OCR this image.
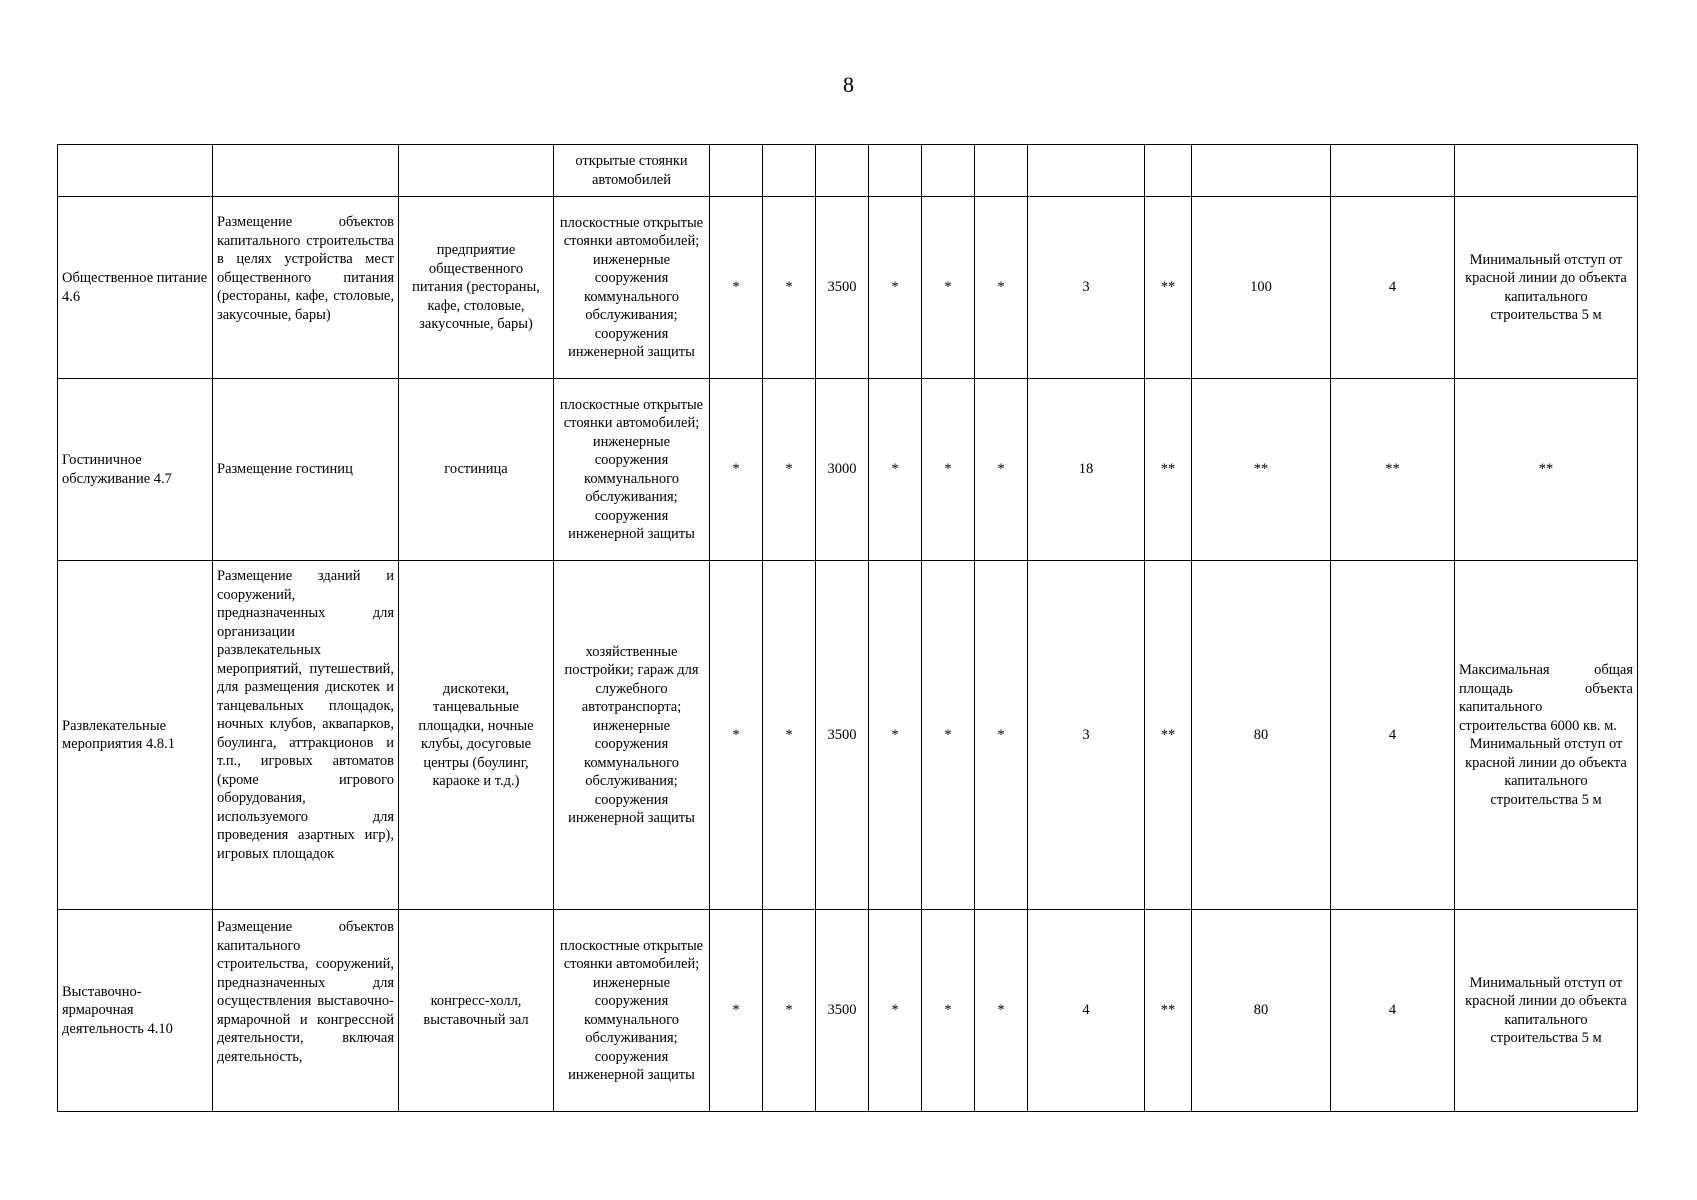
8
			открытые стоянки автомобилей											
Общественное питание 4.6	Размещение объектов капитального строительства в целях устройства мест общественного питания (рестораны, кафе, столовые, закусочные, бары)	предприятие общественного питания (рестораны, кафе, столовые, закусочные, бары)	плоскостные открытые стоянки автомобилей; инженерные сооружения коммунального обслуживания; сооружения инженерной защиты	*	*	3500	*	*	*	3	**	100	4	Минимальный отступ от красной линии до объекта капитального строительства 5 м

Гостиничное обслуживание 4.7	Размещение гостиниц	гостиница	плоскостные открытые стоянки автомобилей; инженерные сооружения коммунального обслуживания; сооружения инженерной защиты	*	*	3000	*	*	*	18	**	**	**	**

Развлекательные мероприятия 4.8.1	Размещение зданий и сооружений, предназначенных для организации развлекательных мероприятий, путешествий, для размещения дискотек и танцевальных площадок, ночных клубов, аквапарков, боулинга, аттракционов и т.п., игровых автоматов (кроме игрового оборудования, используемого для проведения азартных игр), игровых площадок	дискотеки, танцевальные площадки, ночные клубы, досуговые центры (боулинг, караоке и т.д.)	хозяйственные постройки; гараж для служебного автотранспорта; инженерные сооружения коммунального обслуживания; сооружения инженерной защиты	*	*	3500	*	*	*	3	**	80	4	Максимальная общая площадь объекта капитального строительства 6000 кв. м.
Минимальный отступ от красной линии до объекта капитального строительства 5 м

Выставочно-ярмарочная деятельность 4.10	Размещение объектов капитального строительства, сооружений, предназначенных для осуществления выставочно-ярмарочной и конгрессной деятельности, включая деятельность,	конгресс-холл, выставочный зал	плоскостные открытые стоянки автомобилей; инженерные сооружения коммунального обслуживания; сооружения инженерной защиты	*	*	3500	*	*	*	4	**	80	4	Минимальный отступ от красной линии до объекта капитального строительства 5 м
